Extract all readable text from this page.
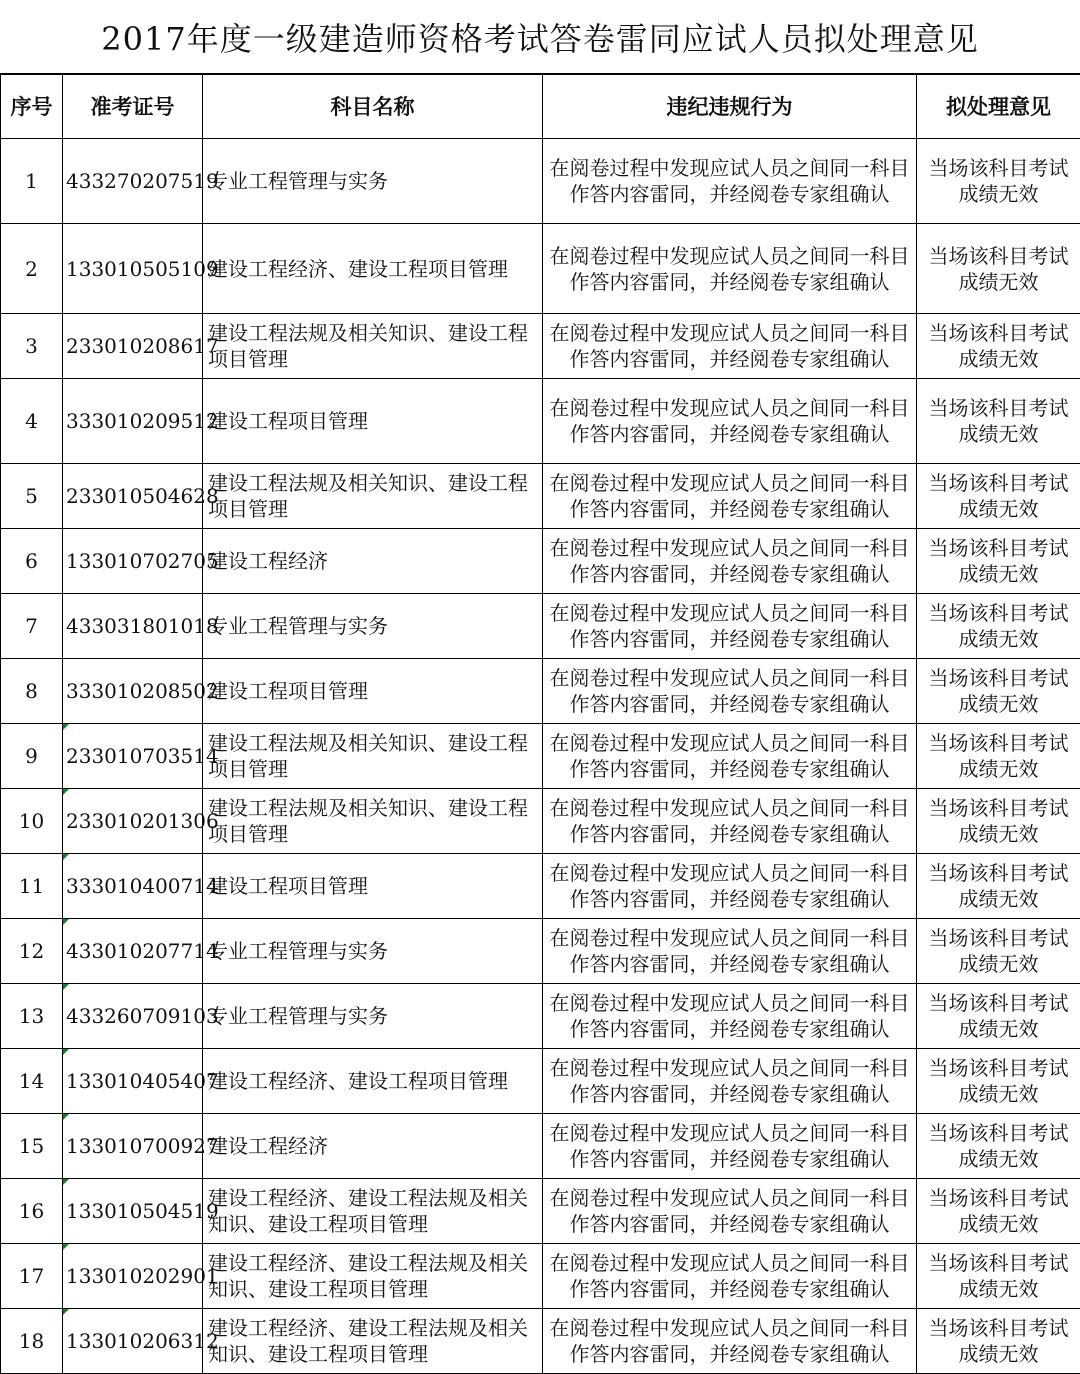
2017年度一级建造师资格考试答卷雷同应试人员拟处理意见
序号	准考证号	科目名称	违纪违规行为	拟处理意见
1	433270207519	专业工程管理与实务	在阅卷过程中发现应试人员之间同一科目作答内容雷同，并经阅卷专家组确认	当场该科目考试成绩无效
2	133010505109	建设工程经济、建设工程项目管理	在阅卷过程中发现应试人员之间同一科目作答内容雷同，并经阅卷专家组确认	当场该科目考试成绩无效
3	233010208617	建设工程法规及相关知识、建设工程项目管理	在阅卷过程中发现应试人员之间同一科目作答内容雷同，并经阅卷专家组确认	当场该科目考试成绩无效
4	333010209512	建设工程项目管理	在阅卷过程中发现应试人员之间同一科目作答内容雷同，并经阅卷专家组确认	当场该科目考试成绩无效
5	233010504628	建设工程法规及相关知识、建设工程项目管理	在阅卷过程中发现应试人员之间同一科目作答内容雷同，并经阅卷专家组确认	当场该科目考试成绩无效
6	133010702705	建设工程经济	在阅卷过程中发现应试人员之间同一科目作答内容雷同，并经阅卷专家组确认	当场该科目考试成绩无效
7	433031801018	专业工程管理与实务	在阅卷过程中发现应试人员之间同一科目作答内容雷同，并经阅卷专家组确认	当场该科目考试成绩无效
8	333010208502	建设工程项目管理	在阅卷过程中发现应试人员之间同一科目作答内容雷同，并经阅卷专家组确认	当场该科目考试成绩无效
9	233010703514	建设工程法规及相关知识、建设工程项目管理	在阅卷过程中发现应试人员之间同一科目作答内容雷同，并经阅卷专家组确认	当场该科目考试成绩无效
10	233010201306	建设工程法规及相关知识、建设工程项目管理	在阅卷过程中发现应试人员之间同一科目作答内容雷同，并经阅卷专家组确认	当场该科目考试成绩无效
11	333010400714	建设工程项目管理	在阅卷过程中发现应试人员之间同一科目作答内容雷同，并经阅卷专家组确认	当场该科目考试成绩无效
12	433010207714	专业工程管理与实务	在阅卷过程中发现应试人员之间同一科目作答内容雷同，并经阅卷专家组确认	当场该科目考试成绩无效
13	433260709103	专业工程管理与实务	在阅卷过程中发现应试人员之间同一科目作答内容雷同，并经阅卷专家组确认	当场该科目考试成绩无效
14	133010405407	建设工程经济、建设工程项目管理	在阅卷过程中发现应试人员之间同一科目作答内容雷同，并经阅卷专家组确认	当场该科目考试成绩无效
15	133010700927	建设工程经济	在阅卷过程中发现应试人员之间同一科目作答内容雷同，并经阅卷专家组确认	当场该科目考试成绩无效
16	133010504519	建设工程经济、建设工程法规及相关知识、建设工程项目管理	在阅卷过程中发现应试人员之间同一科目作答内容雷同，并经阅卷专家组确认	当场该科目考试成绩无效
17	133010202901	建设工程经济、建设工程法规及相关知识、建设工程项目管理	在阅卷过程中发现应试人员之间同一科目作答内容雷同，并经阅卷专家组确认	当场该科目考试成绩无效
18	133010206312	建设工程经济、建设工程法规及相关知识、建设工程项目管理	在阅卷过程中发现应试人员之间同一科目作答内容雷同，并经阅卷专家组确认	当场该科目考试成绩无效
